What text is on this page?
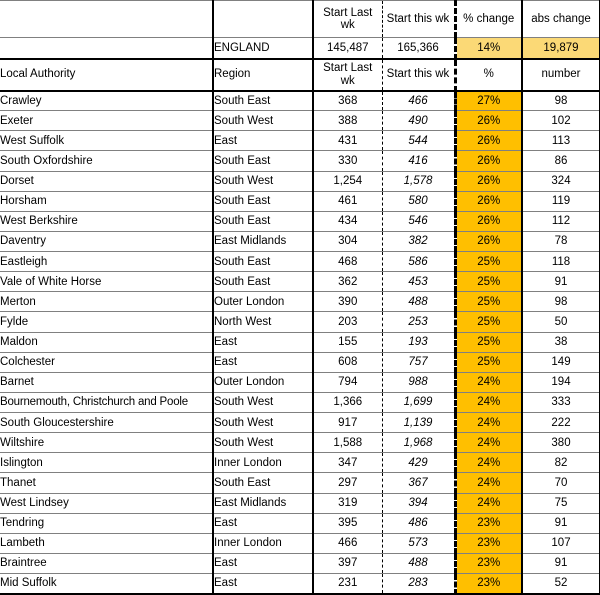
		Start Last wk	Start this wk	% change	abs change
	ENGLAND	145,487	165,366	14%	19,879
Local Authority	Region	Start Last wk	Start this wk	%	number
Crawley	South East	368	466	27%	98
Exeter	South West	388	490	26%	102
West Suffolk	East	431	544	26%	113
South Oxfordshire	South East	330	416	26%	86
Dorset	South West	1,254	1,578	26%	324
Horsham	South East	461	580	26%	119
West Berkshire	South East	434	546	26%	112
Daventry	East Midlands	304	382	26%	78
Eastleigh	South East	468	586	25%	118
Vale of White Horse	South East	362	453	25%	91
Merton	Outer London	390	488	25%	98
Fylde	North West	203	253	25%	50
Maldon	East	155	193	25%	38
Colchester	East	608	757	25%	149
Barnet	Outer London	794	988	24%	194
Bournemouth, Christchurch and Poole	South West	1,366	1,699	24%	333
South Gloucestershire	South West	917	1,139	24%	222
Wiltshire	South West	1,588	1,968	24%	380
Islington	Inner London	347	429	24%	82
Thanet	South East	297	367	24%	70
West Lindsey	East Midlands	319	394	24%	75
Tendring	East	395	486	23%	91
Lambeth	Inner London	466	573	23%	107
Braintree	East	397	488	23%	91
Mid Suffolk	East	231	283	23%	52
